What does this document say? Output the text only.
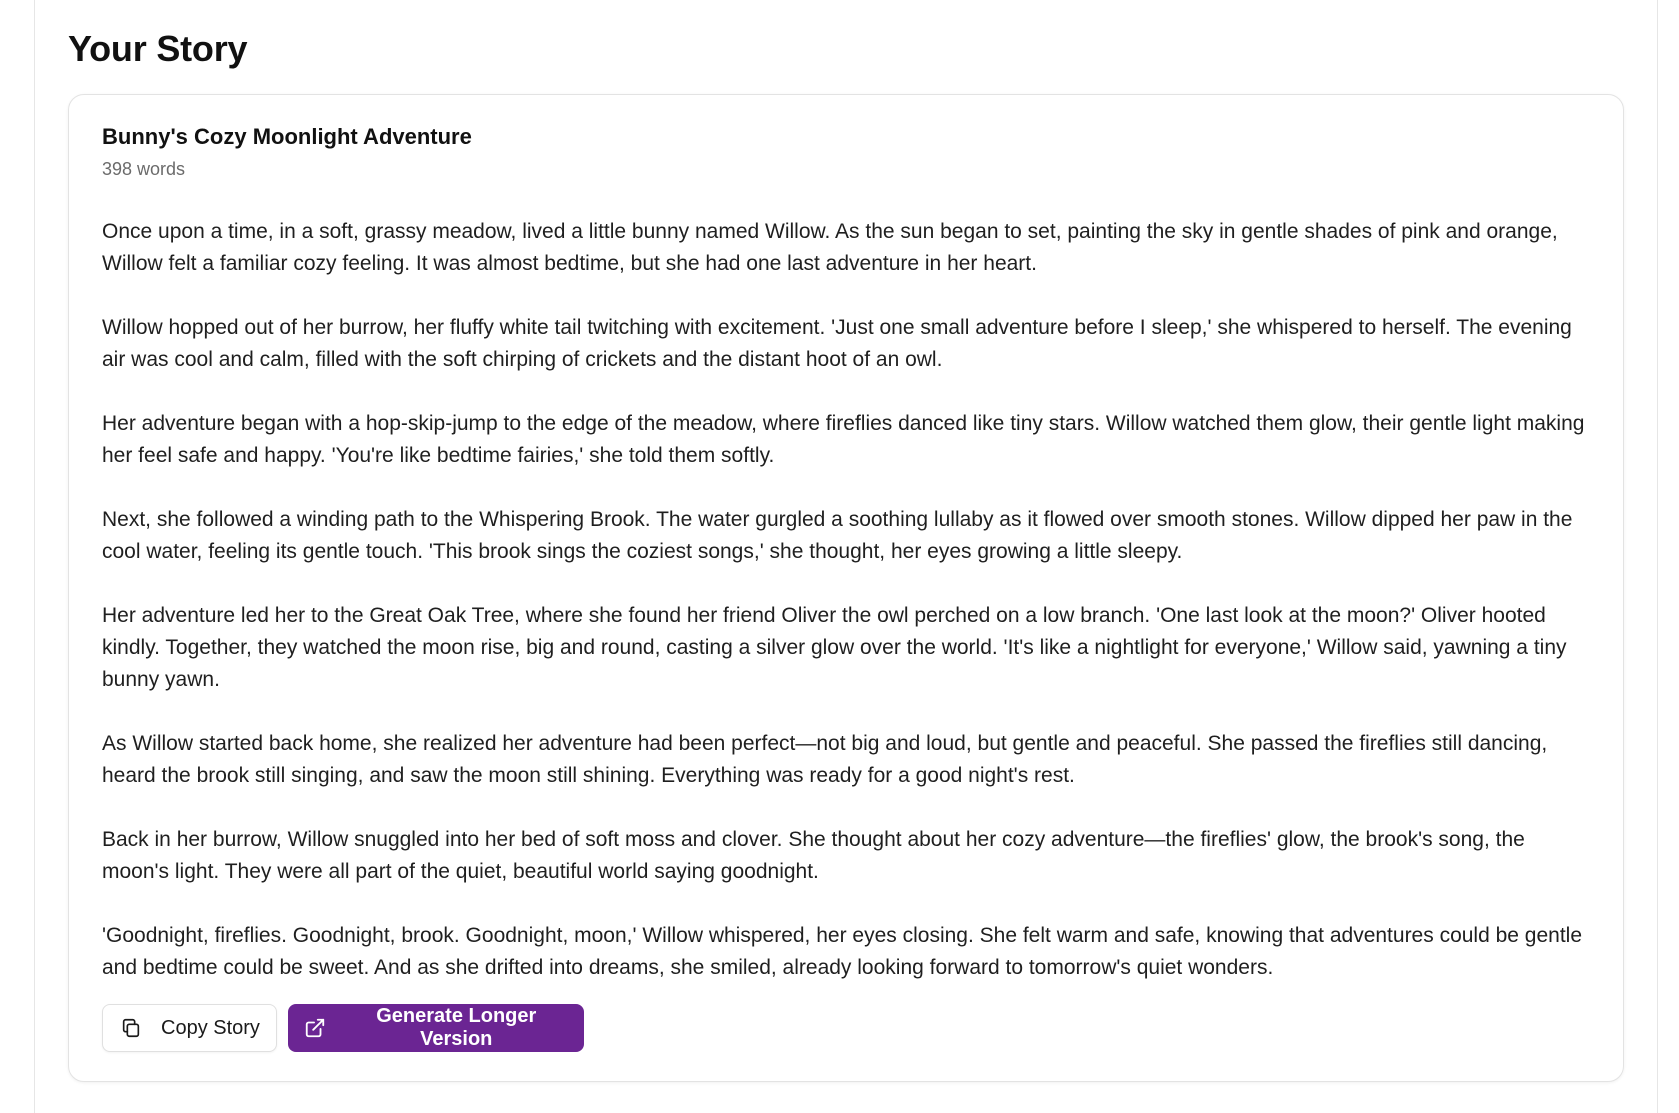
Your Story
Bunny's Cozy Moonlight Adventure
398 words

Once upon a time, in a soft, grassy meadow, lived a little bunny named Willow. As the sun began to set, painting the sky in gentle shades of pink and orange, Willow felt a familiar cozy feeling. It was almost bedtime, but she had one last adventure in her heart.

Willow hopped out of her burrow, her fluffy white tail twitching with excitement. 'Just one small adventure before I sleep,' she whispered to herself. The evening air was cool and calm, filled with the soft chirping of crickets and the distant hoot of an owl.

Her adventure began with a hop-skip-jump to the edge of the meadow, where fireflies danced like tiny stars. Willow watched them glow, their gentle light making her feel safe and happy. 'You're like bedtime fairies,' she told them softly.

Next, she followed a winding path to the Whispering Brook. The water gurgled a soothing lullaby as it flowed over smooth stones. Willow dipped her paw in the cool water, feeling its gentle touch. 'This brook sings the coziest songs,' she thought, her eyes growing a little sleepy.

Her adventure led her to the Great Oak Tree, where she found her friend Oliver the owl perched on a low branch. 'One last look at the moon?' Oliver hooted kindly. Together, they watched the moon rise, big and round, casting a silver glow over the world. 'It's like a nightlight for everyone,' Willow said, yawning a tiny bunny yawn.

As Willow started back home, she realized her adventure had been perfect—not big and loud, but gentle and peaceful. She passed the fireflies still dancing, heard the brook still singing, and saw the moon still shining. Everything was ready for a good night's rest.

Back in her burrow, Willow snuggled into her bed of soft moss and clover. She thought about her cozy adventure—the fireflies' glow, the brook's song, the moon's light. They were all part of the quiet, beautiful world saying goodnight.

'Goodnight, fireflies. Goodnight, brook. Goodnight, moon,' Willow whispered, her eyes closing. She felt warm and safe, knowing that adventures could be gentle and bedtime could be sweet. And as she drifted into dreams, she smiled, already looking forward to tomorrow's quiet wonders.

Copy Story
Generate Longer Version
